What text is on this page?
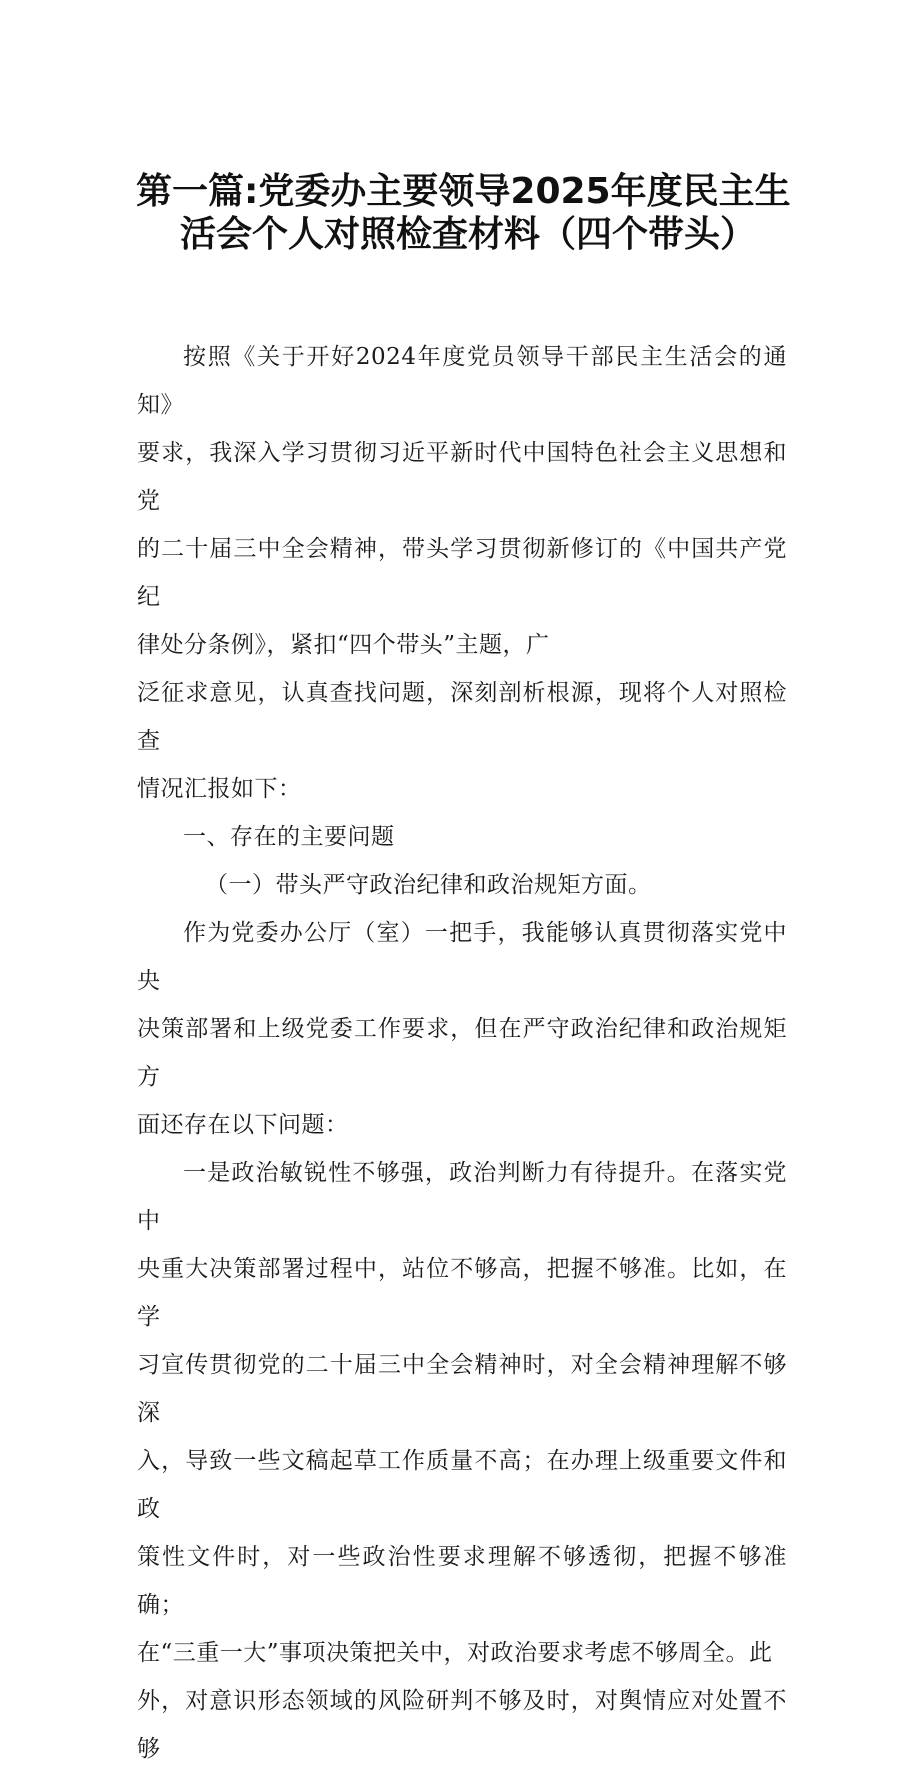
第一篇:党委办主要领导2025年度民主生
活会个人对照检查材料（四个带头）

按照《关于开好2024年度党员领导干部民主生活会的通知》

要求，我深入学习贯彻习近平新时代中国特色社会主义思想和党

的二十届三中全会精神，带头学习贯彻新修订的《中国共产党纪

律处分条例》，紧扣“四个带头”主题，广

泛征求意见，认真查找问题，深刻剖析根源，现将个人对照检查

情况汇报如下：

一、存在的主要问题

（一）带头严守政治纪律和政治规矩方面。

作为党委办公厅（室）一把手，我能够认真贯彻落实党中央

决策部署和上级党委工作要求，但在严守政治纪律和政治规矩方

面还存在以下问题：

一是政治敏锐性不够强，政治判断力有待提升。在落实党中

央重大决策部署过程中，站位不够高，把握不够准。比如，在学

习宣传贯彻党的二十届三中全会精神时，对全会精神理解不够深

入，导致一些文稿起草工作质量不高；在办理上级重要文件和政

策性文件时，对一些政治性要求理解不够透彻，把握不够准确；

在“三重一大”事项决策把关中，对政治要求考虑不够周全。此

外，对意识形态领域的风险研判不够及时，对舆情应对处置不够
